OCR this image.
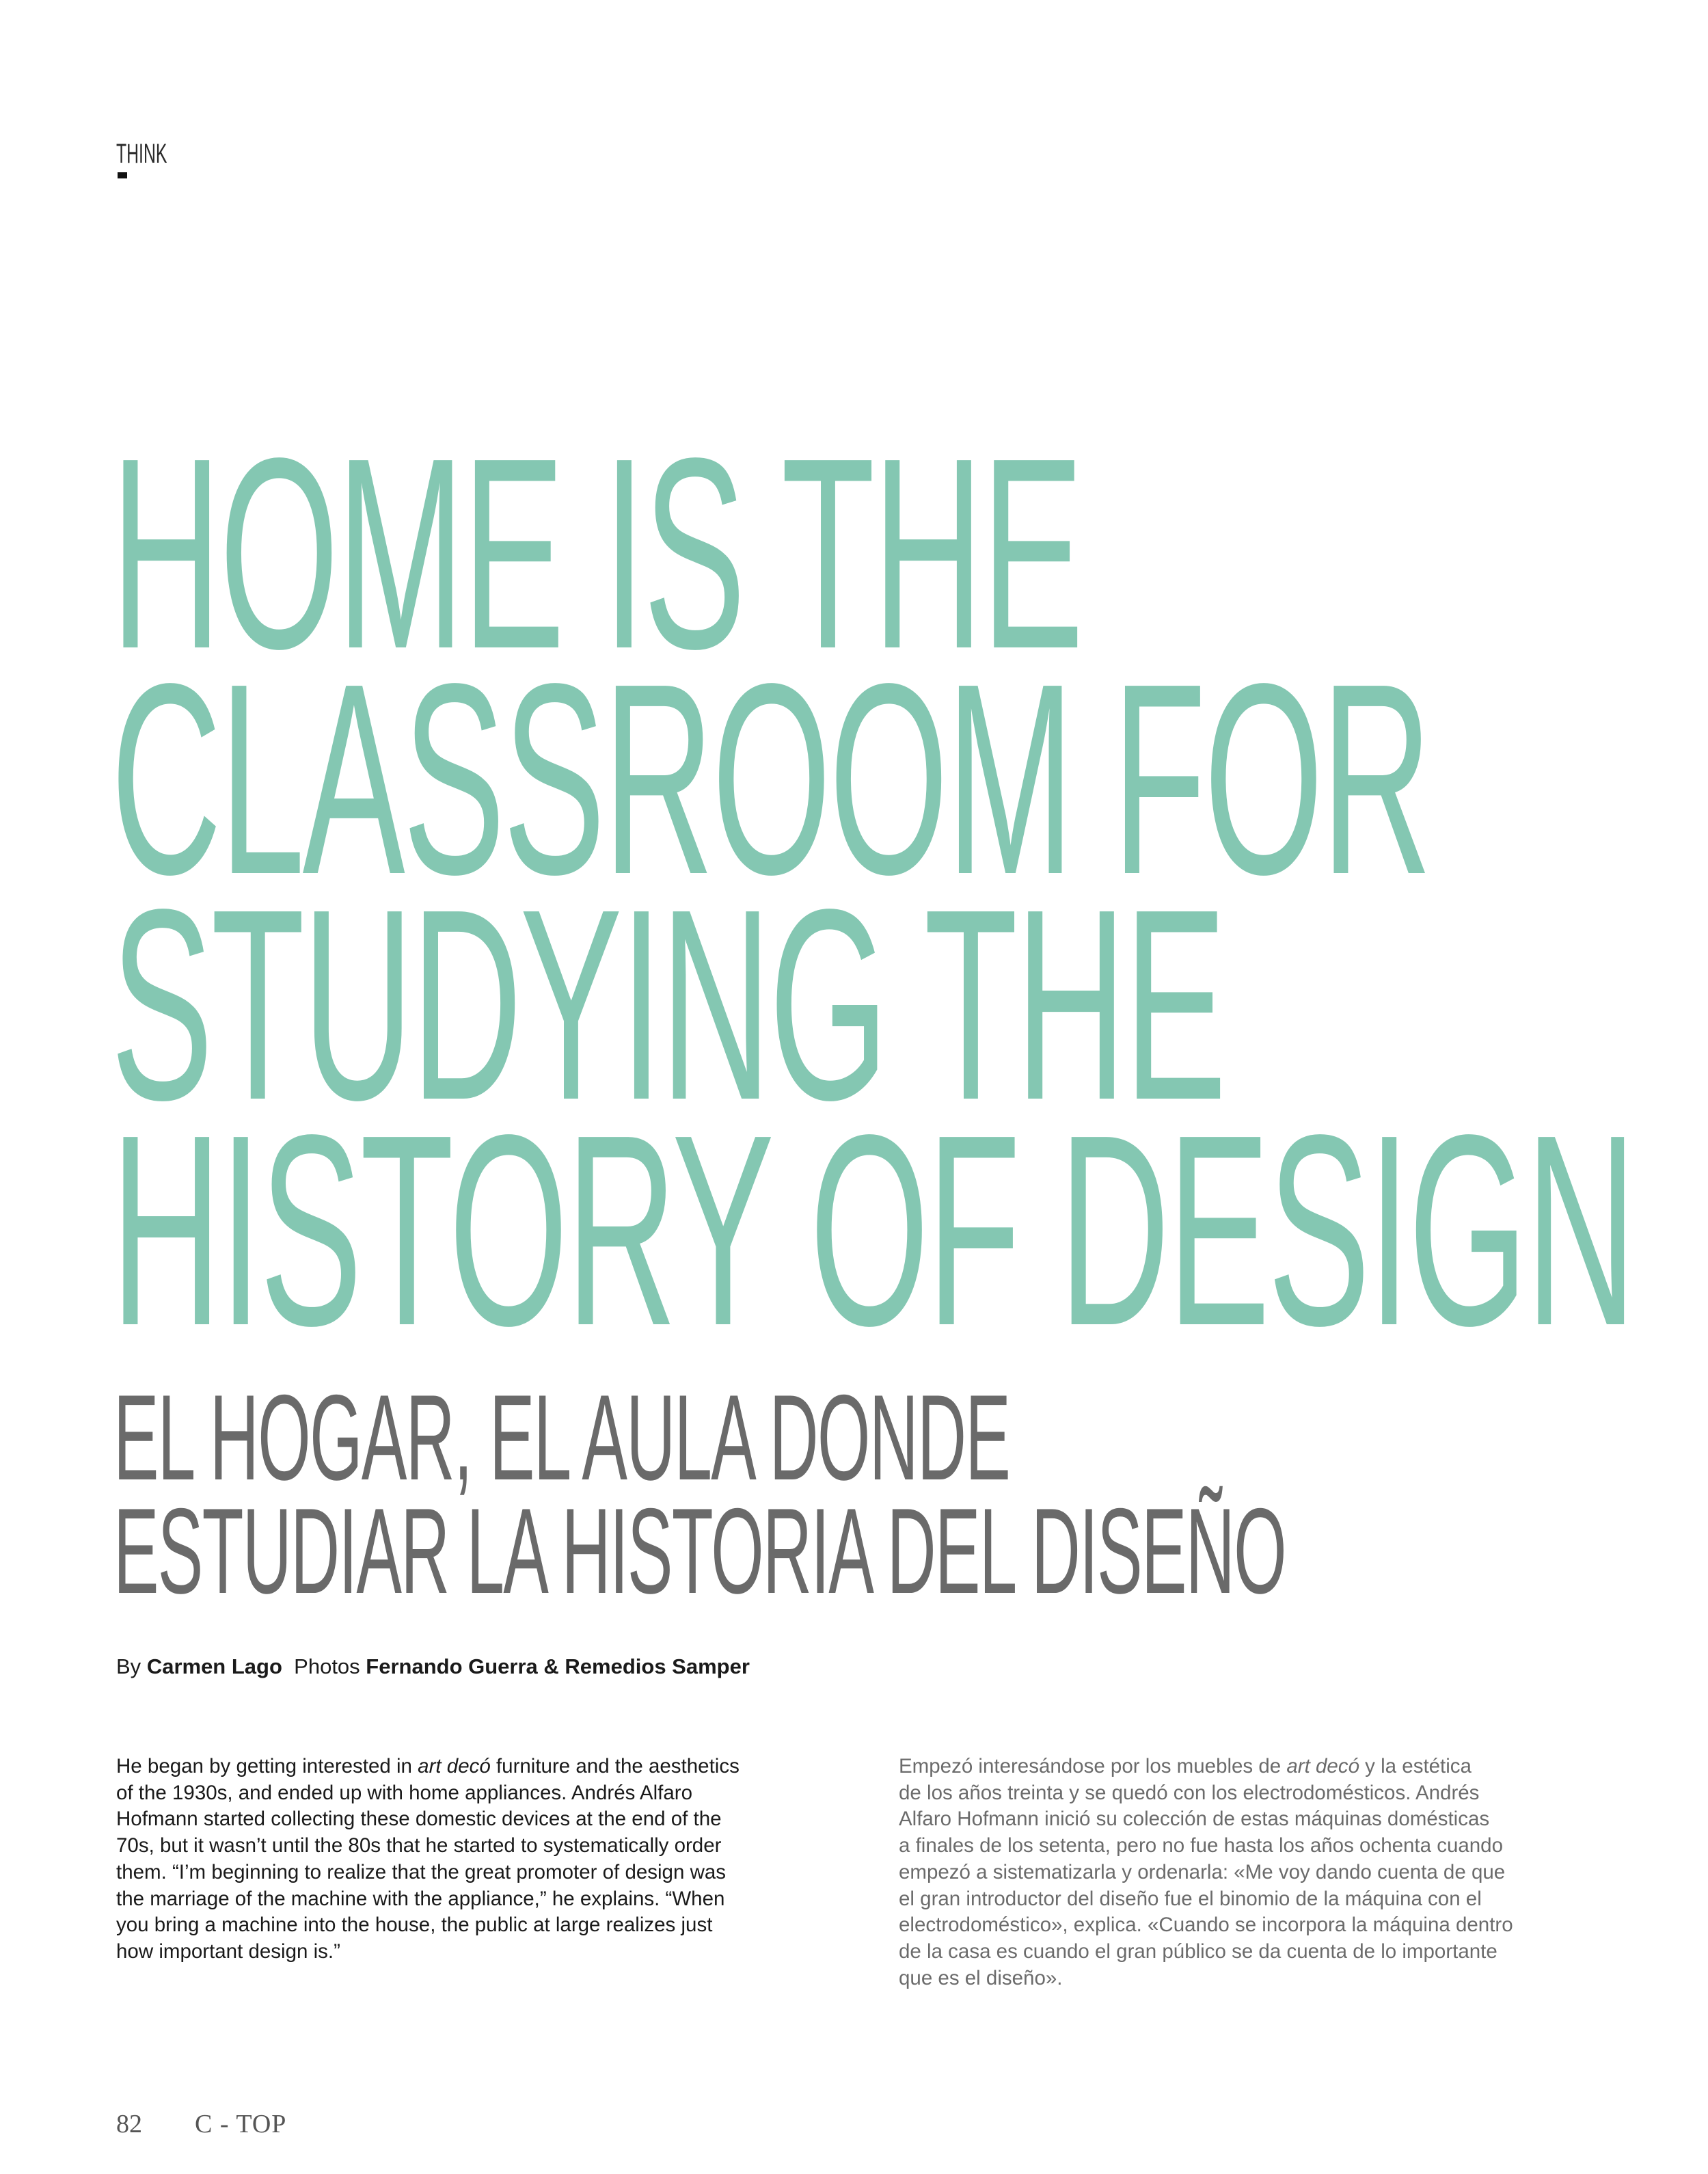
THINK
HOME IS THE
CLASSROOM FOR
STUDYING THE
HISTORY OF DESIGN
EL HOGAR, EL AULA DONDE
ESTUDIAR LA HISTORIA DEL DISEÑO
By Carmen Lago Photos Fernando Guerra & Remedios Samper
He began by getting interested in art decó furniture and the aesthetics
of the 1930s, and ended up with home appliances. Andrés Alfaro
Hofmann started collecting these domestic devices at the end of the
70s, but it wasn’t until the 80s that he started to systematically order
them. “I’m beginning to realize that the great promoter of design was
the marriage of the machine with the appliance,” he explains. “When
you bring a machine into the house, the public at large realizes just
how important design is.”
Empezó interesándose por los muebles de art decó y la estética
de los años treinta y se quedó con los electrodomésticos. Andrés
Alfaro Hofmann inició su colección de estas máquinas domésticas
a finales de los setenta, pero no fue hasta los años ochenta cuando
empezó a sistematizarla y ordenarla: «Me voy dando cuenta de que
el gran introductor del diseño fue el binomio de la máquina con el
electrodoméstico», explica. «Cuando se incorpora la máquina dentro
de la casa es cuando el gran público se da cuenta de lo importante
que es el diseño».
82 C - TOP
